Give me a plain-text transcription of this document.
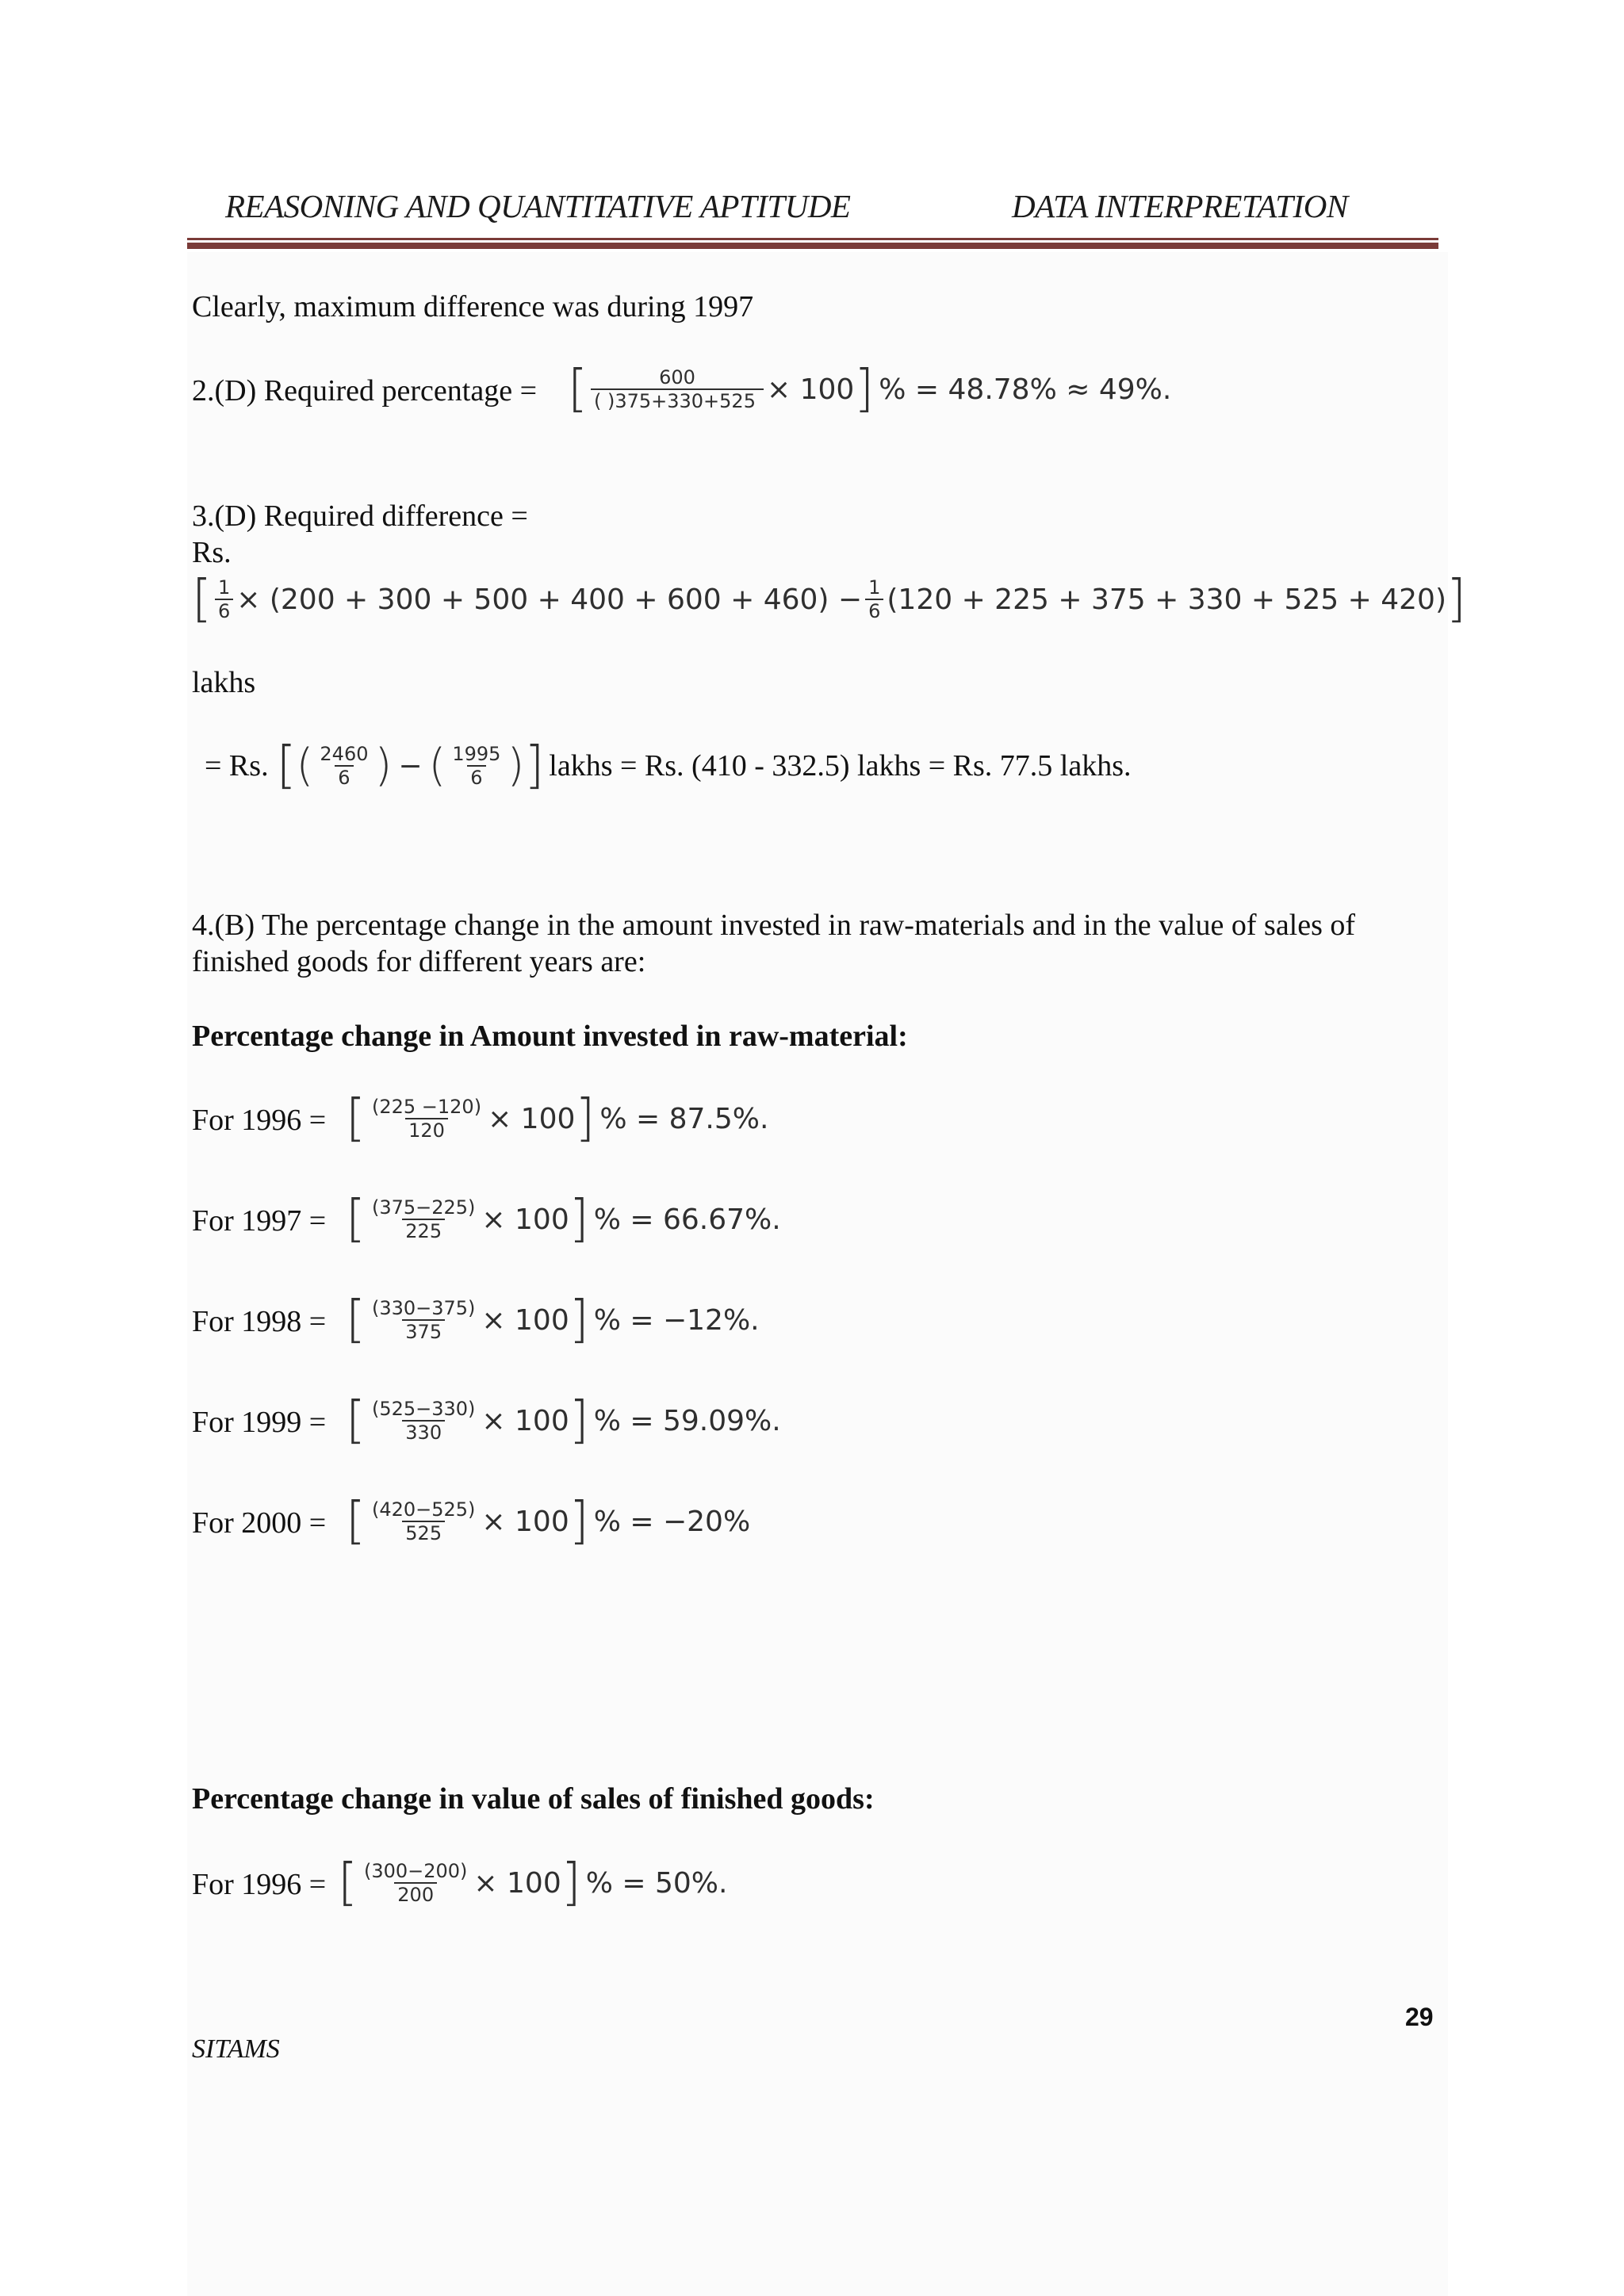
REASONING AND QUANTITATIVE APTITUDE	DATA INTERPRETATION
Clearly, maximum difference was during 1997
2.(D) Required percentage = [ $\frac{600}{( )375+330+525} \times 100$ ] % = 48.78% ≈ 49%.
3.(D) Required difference =
Rs.
[ $\frac{1}{6} \times (200 + 300 + 500 + 400 + 600 + 460) - \frac{1}{6} (120 + 225 + 375 + 330 + 525 + 420)$ ]
lakhs
= Rs. [ ( $\frac{2460}{6}$ ) − ( $\frac{1995}{6}$ ) ] lakhs = Rs. (410 - 332.5) lakhs = Rs. 77.5 lakhs.
4.(B) The percentage change in the amount invested in raw-materials and in the value of sales of
finished goods for different years are:
Percentage change in Amount invested in raw-material:
For 1996 = [ $\frac{(225 -120)}{120} \times 100$ ] % = 87.5%.
For 1997 = [ $\frac{(375-225)}{225} \times 100$ ] % = 66.67%.
For 1998 = [ $\frac{(330-375)}{375} \times 100$ ] % = −12%.
For 1999 = [ $\frac{(525-330)}{330} \times 100$ ] % = 59.09%.
For 2000 = [ $\frac{(420-525)}{525} \times 100$ ] % = −20%
Percentage change in value of sales of finished goods:
For 1996 = [ $\frac{(300-200)}{200} \times 100$ ] % = 50%.
29
SITAMS
